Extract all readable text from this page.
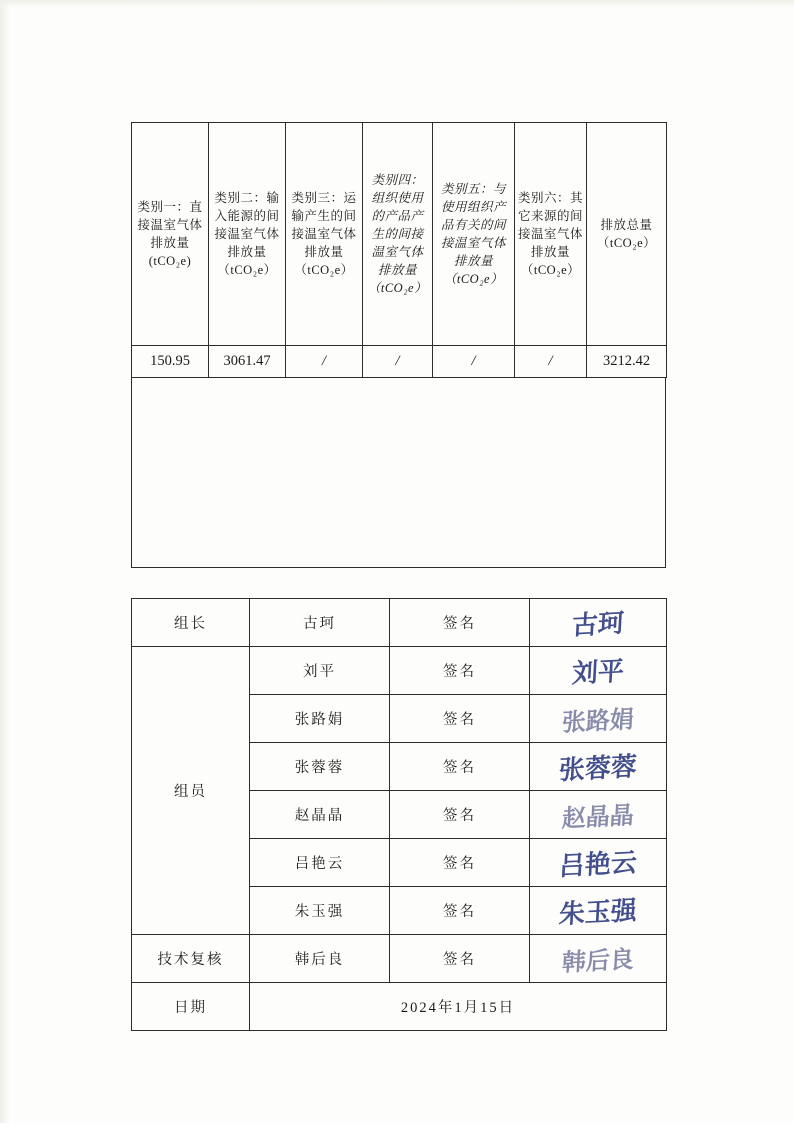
类别一：直接温室气体排放量(tCO₂e)	类别二：输入能源的间接温室气体排放量（tCO₂e）	类别三：运输产生的间接温室气体排放量（tCO₂e）	类别四：组织使用的产品产生的间接温室气体排放量（tCO₂e）	类别五：与使用组织产品有关的间接温室气体排放量（tCO₂e）	类别六：其它来源的间接温室气体排放量（tCO₂e）	排放总量（tCO₂e）

150.95	3061.47	/	/	/	/	3212.42
组长	古珂	签名	古珂
组员	刘平	签名	刘平
	张路娟	签名	张路娟
	张蓉蓉	签名	张蓉蓉
	赵晶晶	签名	赵晶晶
	吕艳云	签名	吕艳云
	朱玉强	签名	朱玉强
技术复核	韩后良	签名	韩后良
日期	2024年1月15日		
